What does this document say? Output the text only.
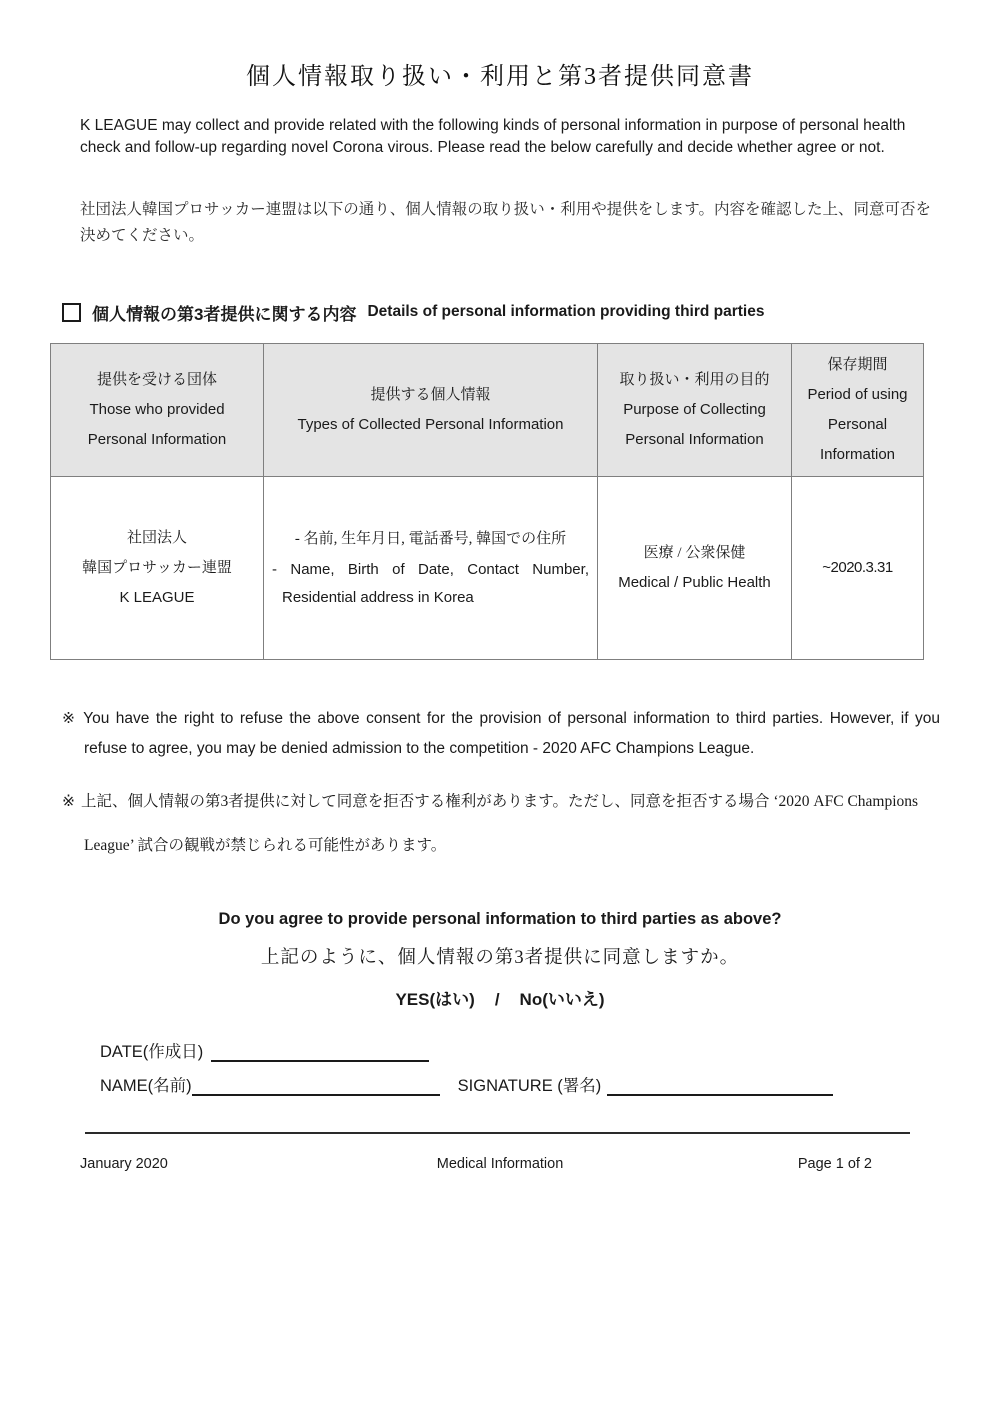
個人情報取り扱い・利用と第3者提供同意書

K LEAGUE may collect and provide related with the following kinds of personal information in purpose of personal health check and follow-up regarding novel Corona virous. Please read the below carefully and decide whether agree or not.

社団法人韓国プロサッカー連盟は以下の通り、個人情報の取り扱い・利用や提供をします。内容を確認した上、同意可否を決めてください。

個人情報の第3者提供に関する内容 Details of personal information providing third parties
提供を受ける団体
Those who provided Personal Information	提供する個人情報
Types of Collected Personal Information	取り扱い・利用の目的
Purpose of Collecting Personal Information	保存期間
Period of using Personal Information

社団法人
韓国プロサッカー連盟
K LEAGUE	- 名前, 生年月日, 電話番号, 韓国での住所
- Name, Birth of Date, Contact Number, Residential address in Korea	医療 / 公衆保健
Medical / Public Health	~2020.3.31

※ You have the right to refuse the above consent for the provision of personal information to third parties. However, if you refuse to agree, you may be denied admission to the competition - 2020 AFC Champions League.

※ 上記、個人情報の第3者提供に対して同意を拒否する権利があります。ただし、同意を拒否する場合 ‘2020 AFC Champions League’ 試合の観戦が禁じられる可能性があります。

Do you agree to provide personal information to third parties as above?
上記のように、個人情報の第3者提供に同意しますか。
YES(はい) / No(いいえ)
DATE(作成日)
NAME(名前)	SIGNATURE (署名)
January 2020	Medical Information	Page 1 of 2
